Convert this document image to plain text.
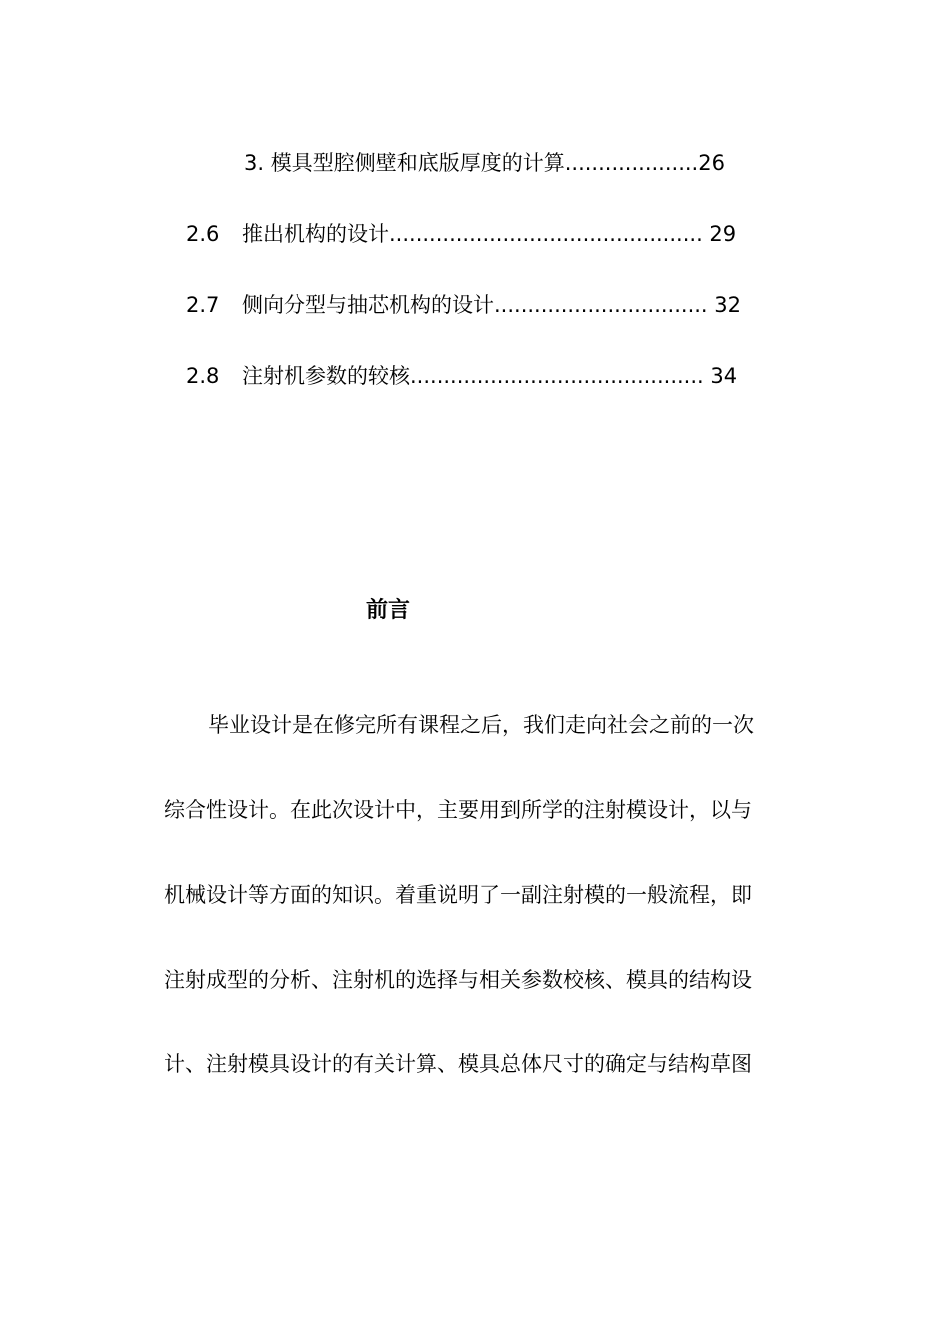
3. 模具型腔侧壁和底版厚度的计算....................26
2.6 推出机构的设计............................................... 29
2.7 侧向分型与抽芯机构的设计................................ 32
2.8 注射机参数的较核............................................ 34
前言
毕业设计是在修完所有课程之后，我们走向社会之前的一次
综合性设计。在此次设计中，主要用到所学的注射模设计，以与
机械设计等方面的知识。着重说明了一副注射模的一般流程，即
注射成型的分析、注射机的选择与相关参数校核、模具的结构设
计、注射模具设计的有关计算、模具总体尺寸的确定与结构草图
